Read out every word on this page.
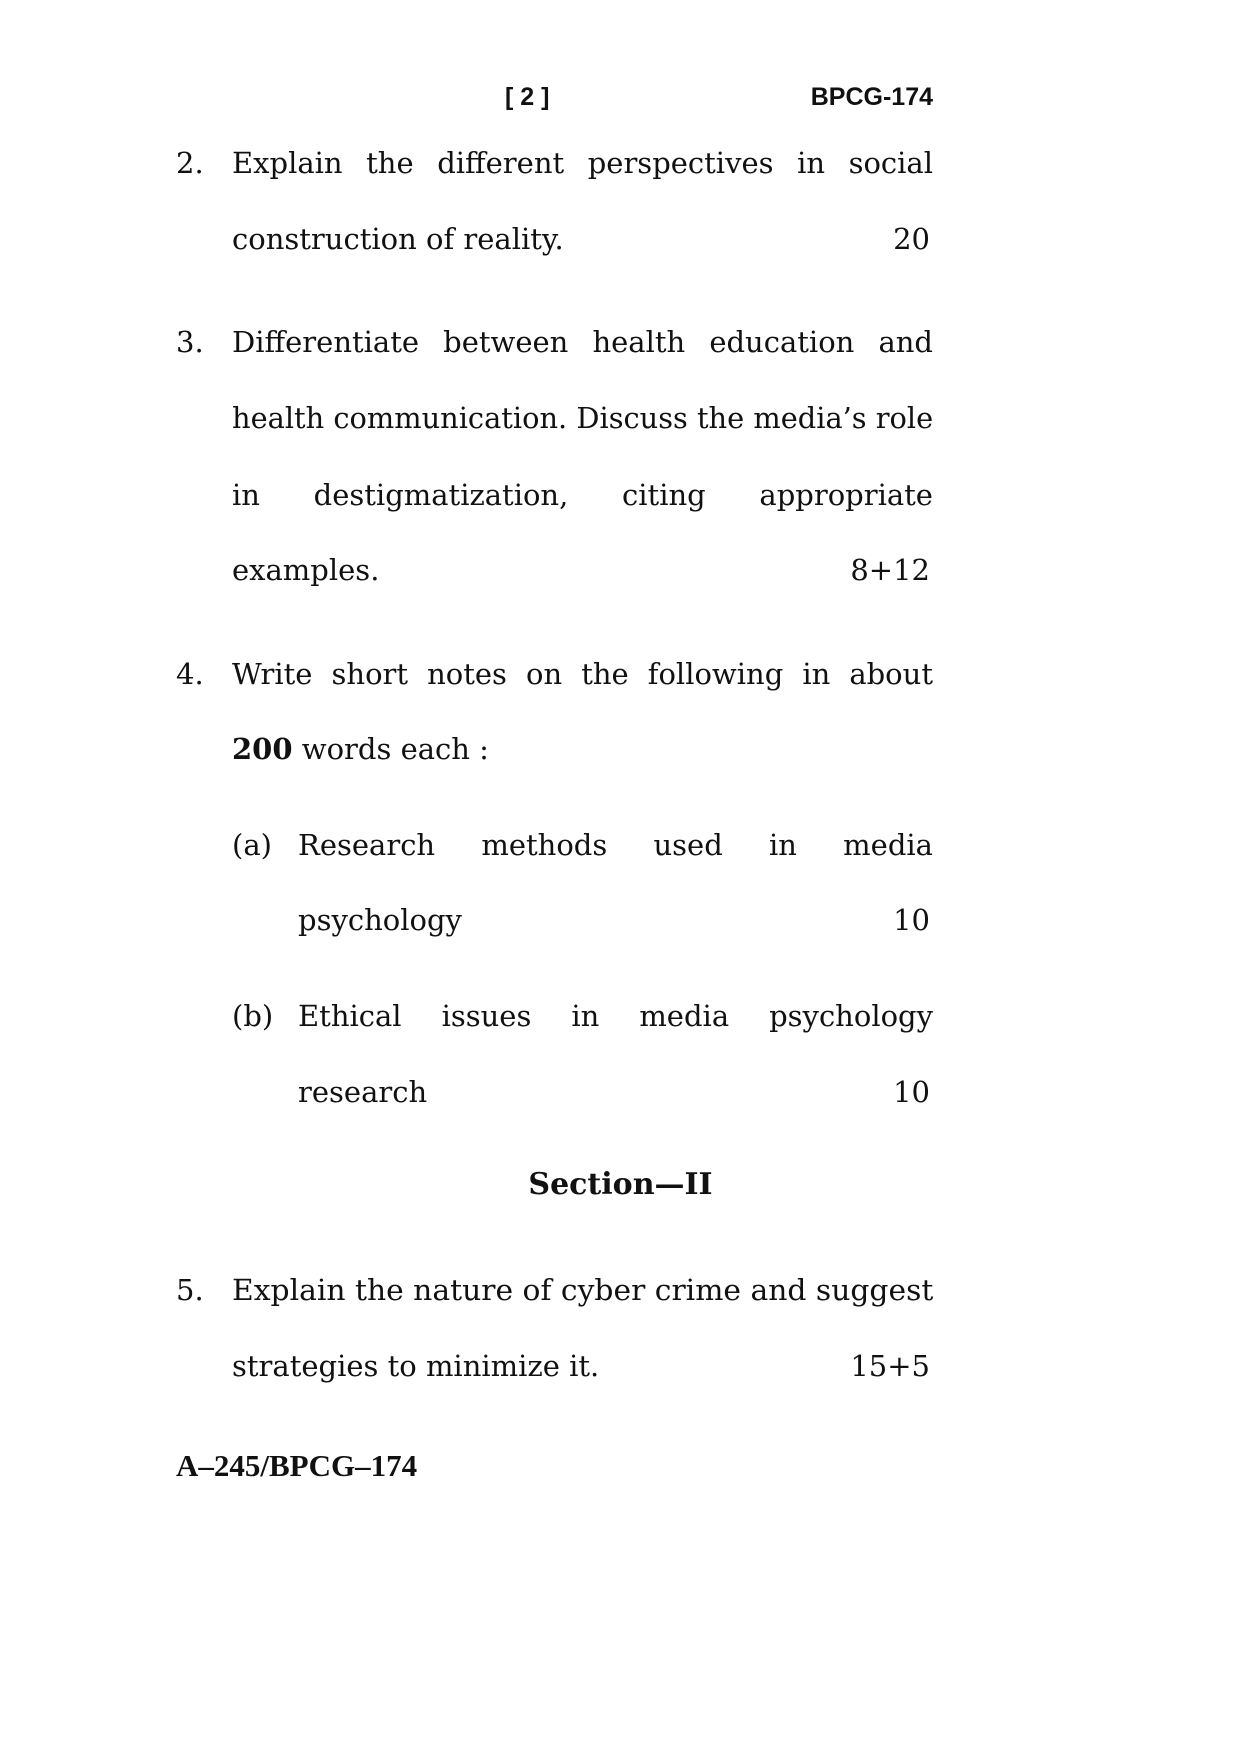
[ 2 ]	BPCG-174
2. Explain the different perspectives in social
construction of reality.	20
3. Differentiate between health education and
health communication. Discuss the media’s role
in destigmatization, citing appropriate
examples.	8+12
4. Write short notes on the following in about
200 words each :
(a) Research methods used in media
psychology	10
(b) Ethical issues in media psychology
research	10
Section—II
5. Explain the nature of cyber crime and suggest
strategies to minimize it.	15+5
A–245/BPCG–174
